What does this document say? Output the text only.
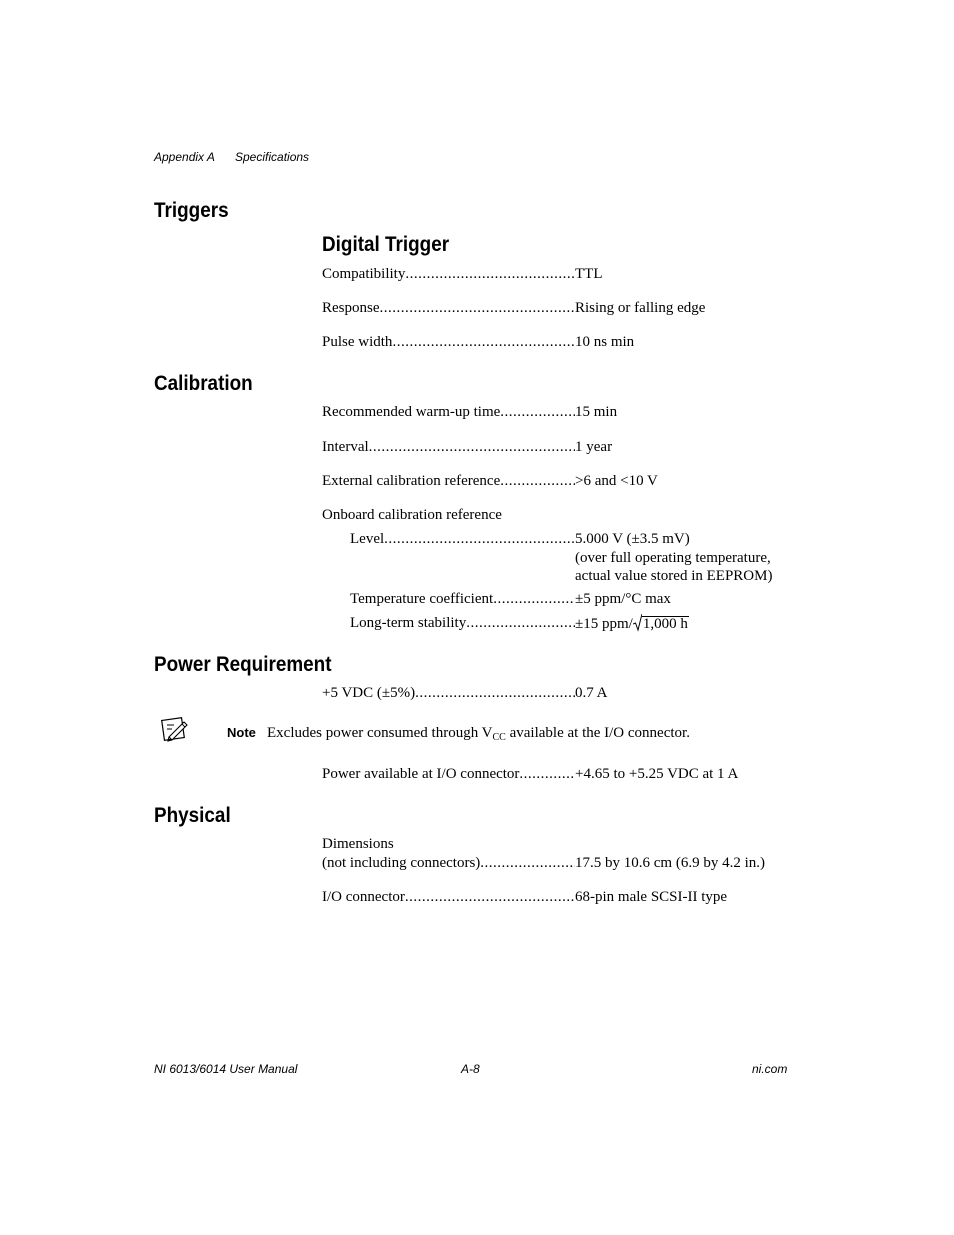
Appendix A Specifications
Triggers
Digital Trigger
Compatibility .....	TTL
Response .....	Rising or falling edge
Pulse width .....	10 ns min
Calibration
Recommended warm-up time .....	15 min
Interval .....	1 year
External calibration reference .....	>6 and <10 V
Onboard calibration reference
Level .....	5.000 V (±3.5 mV)
(over full operating temperature,
actual value stored in EEPROM)
Temperature coefficient .....	±5 ppm/°C max
Long-term stability .....	±15 ppm/ 1,000 h
Power Requirement
+5 VDC (±5%) .....	0.7 A
Note Excludes power consumed through $V_{CC}$ available at the I/O connector.
Power available at I/O connector .....	+4.65 to +5.25 VDC at 1 A
Physical
Dimensions
(not including connectors) .....	17.5 by 10.6 cm (6.9 by 4.2 in.)
I/O connector .....	68-pin male SCSI-II type
NI 6013/6014 User Manual	A-8	ni.com
